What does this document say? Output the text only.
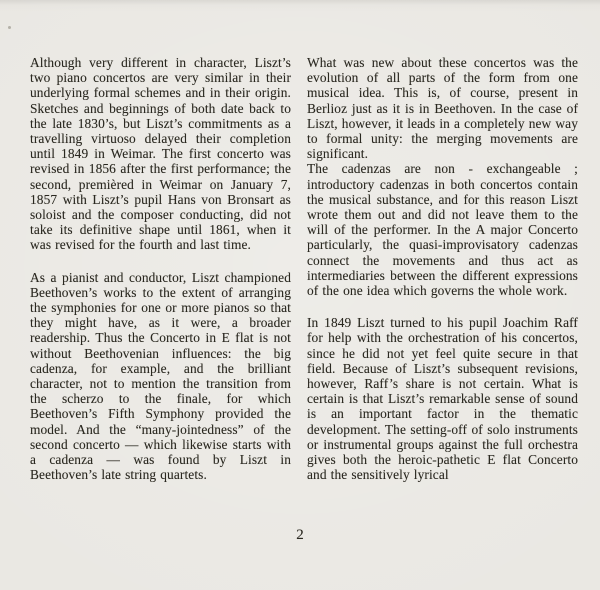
Although very different in character, Liszt’s two piano concertos are very similar in their underlying formal schemes and in their origin. Sketches and beginnings of both date back to the late 1830’s, but Liszt’s commitments as a travelling virtuoso delayed their completion until 1849 in Weimar. The first concerto was revised in 1856 after the first performance; the second, premièred in Weimar on January 7, 1857 with Liszt’s pupil Hans von Bronsart as soloist and the composer conducting, did not take its definitive shape until 1861, when it was revised for the fourth and last time.

As a pianist and conductor, Liszt championed Beethoven’s works to the extent of arranging the symphonies for one or more pianos so that they might have, as it were, a broader readership. Thus the Concerto in E flat is not without Beethovenian influences: the big cadenza, for example, and the brilliant character, not to mention the transition from the scherzo to the finale, for which Beethoven’s Fifth Symphony provided the model. And the “many-jointedness” of the second concerto — which likewise starts with a cadenza — was found by Liszt in Beethoven’s late string quartets.

What was new about these concertos was the evolution of all parts of the form from one musical idea. This is, of course, present in Berlioz just as it is in Beethoven. In the case of Liszt, however, it leads in a completely new way to formal unity: the merging movements are significant.

The cadenzas are non - exchangeable ; introductory cadenzas in both concertos contain the musical substance, and for this reason Liszt wrote them out and did not leave them to the will of the performer. In the A major Concerto particularly, the quasi-improvisatory cadenzas connect the movements and thus act as intermediaries between the different expressions of the one idea which governs the whole work.

In 1849 Liszt turned to his pupil Joachim Raff for help with the orchestration of his concertos, since he did not yet feel quite secure in that field. Because of Liszt’s subsequent revisions, however, Raff’s share is not certain. What is certain is that Liszt’s remarkable sense of sound is an important factor in the thematic development. The setting-off of solo instruments or instrumental groups against the full orchestra gives both the heroic-pathetic E flat Concerto and the sensitively lyrical

2
